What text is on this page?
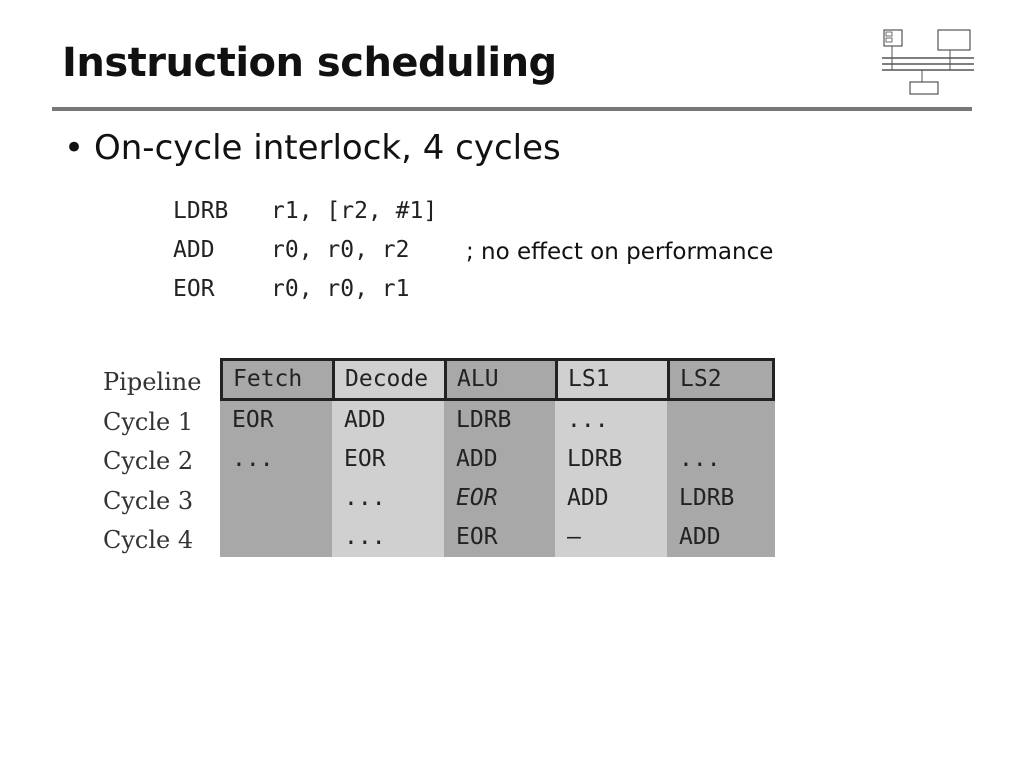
Instruction scheduling
• On-cycle interlock, 4 cycles

LDRB

r1, [r2, #1]

ADD

r0, r0, r2

EOR

r0, r0, r1

; no effect on performance
Pipeline
Cycle 1
Cycle 2
Cycle 3
Cycle 4
Fetch
EOR
...
Decode
ADD
EOR
...
...
ALU
LDRB
ADD
EOR
EOR
LS1
...
LDRB
ADD
—
LS2
...
LDRB
ADD
